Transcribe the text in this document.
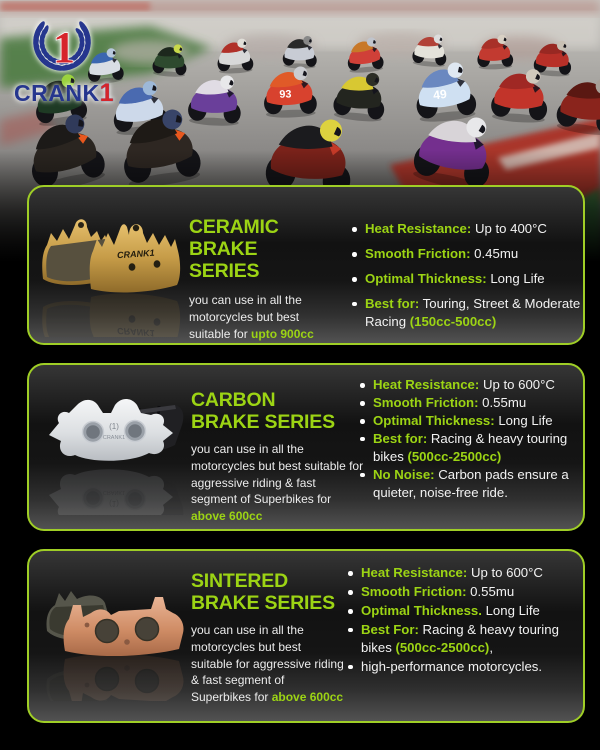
93	49
1
CRANK1
CRANK1
CERAMIC
BRAKE SERIES

you can use in all the motorcycles but best suitable for upto 900cc

Heat Resistance: Up to 400°C
Smooth Friction: 0.45mu
Optimal Thickness: Long Life
Best for: Touring, Street & Moderate Racing (150cc-500cc)
(1)
CRANK1
CARBON
BRAKE SERIES

you can use in all the motorcycles but best suitable for aggressive riding & fast segment of Superbikes for above 600cc

Heat Resistance: Up to 600°C
Smooth Friction: 0.55mu
Optimal Thickness: Long Life
Best for: Racing & heavy touring bikes (500cc-2500cc)
No Noise: Carbon pads ensure a quieter, noise-free ride.
SINTERED
BRAKE SERIES

you can use in all the motorcycles but best suitable for aggressive riding & fast segment of Superbikes for above 600cc

Heat Resistance: Up to 600°C
Smooth Friction: 0.55mu
Optimal Thickness. Long Life
Best For: Racing & heavy touring bikes (500cc-2500cc),
high-performance motorcycles.
